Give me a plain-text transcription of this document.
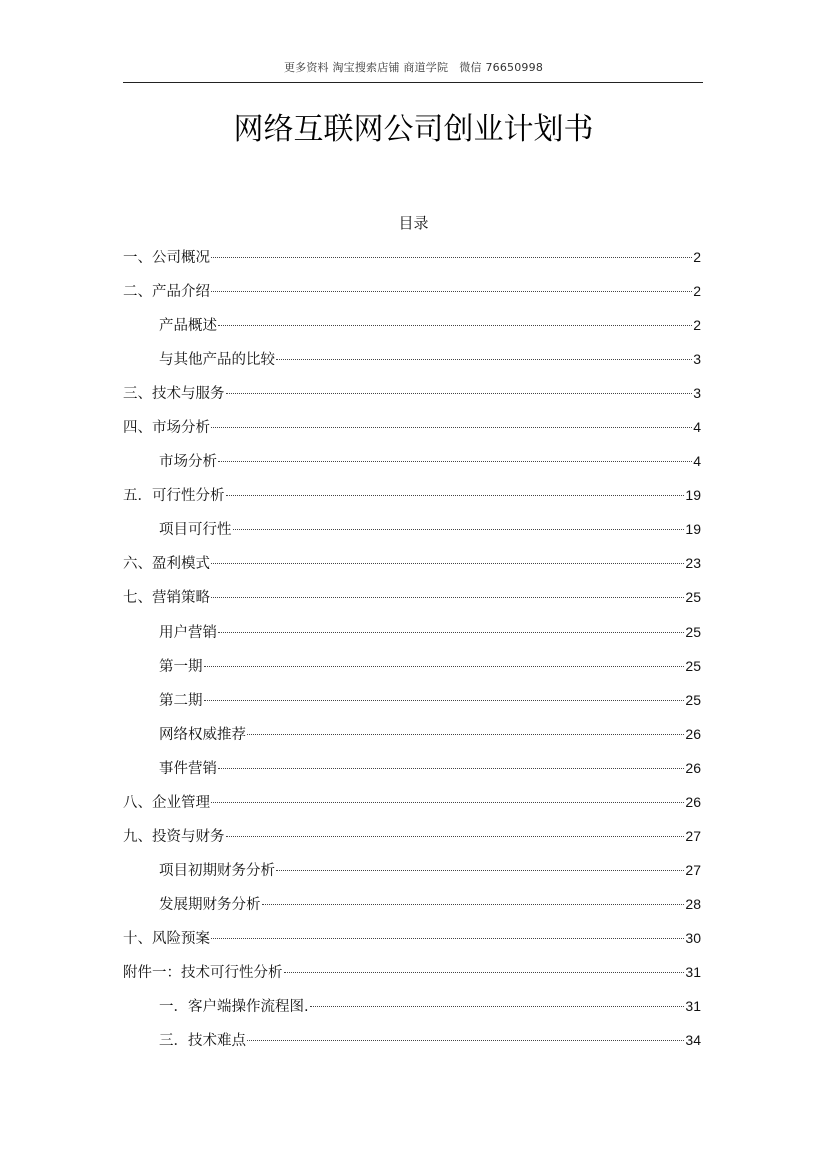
更多资料 淘宝搜索店铺 商道学院　微信 76650998
网络互联网公司创业计划书
目录
一、公司概况	2
二、产品介绍	2
产品概述	2
与其他产品的比较	3
三、技术与服务	3
四、市场分析	4
市场分析	4
五．可行性分析	19
项目可行性	19
六、盈利模式	23
七、营销策略	25
用户营销	25
第一期	25
第二期	25
网络权威推荐	26
事件营销	26
八、企业管理	26
九、投资与财务	27
项目初期财务分析	27
发展期财务分析	28
十、风险预案	30
附件一：技术可行性分析	31
一．客户端操作流程图.	31
三．技术难点	34
